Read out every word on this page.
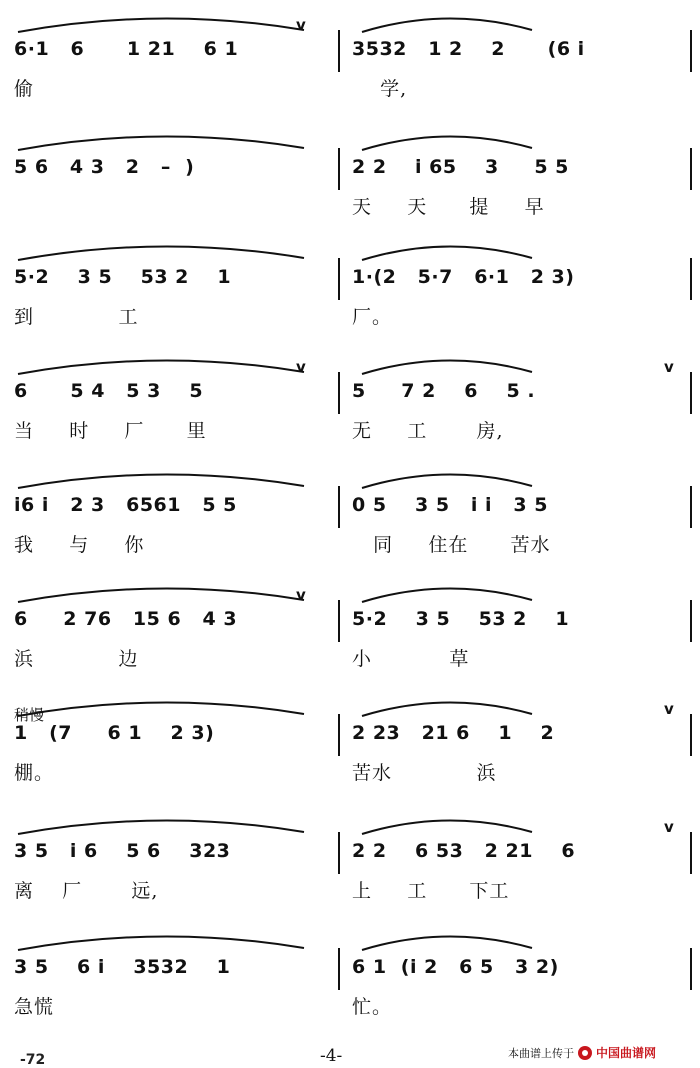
6·1   6      1 21    6 1
偷
3532   1 2    2      (6 i
学,
v
5 6   4 3   2   –  )	2 2    i 65    3     5 5
天     天      提     早
5·2    3 5    53 2    1
到            工
1·(2   5·7   6·1   2 3)
厂。
6      5 4   5 3    5
当     时     厂      里
5     7 2    6    5 .
无     工       房,
v	v
i6 i   2 3   6561   5 5
我     与     你
0 5    3 5   i i   3 5
同     住在      苦水
6     2 76   15 6   4 3
浜            边
5·2    3 5    53 2    1
小           草
v
1   (7     6 1    2 3)
棚。
2 23   21 6    1    2
苦水            浜
v
3 5   i 6    5 6    323
离    厂       远,
2 2    6 53   2 21    6
上     工      下工
v
3 5    6 i    3532    1
急慌
6 1  (i 2   6 5   3 2)
忙。
稍慢
-72	-4-	本曲谱上传于 中国曲谱网
